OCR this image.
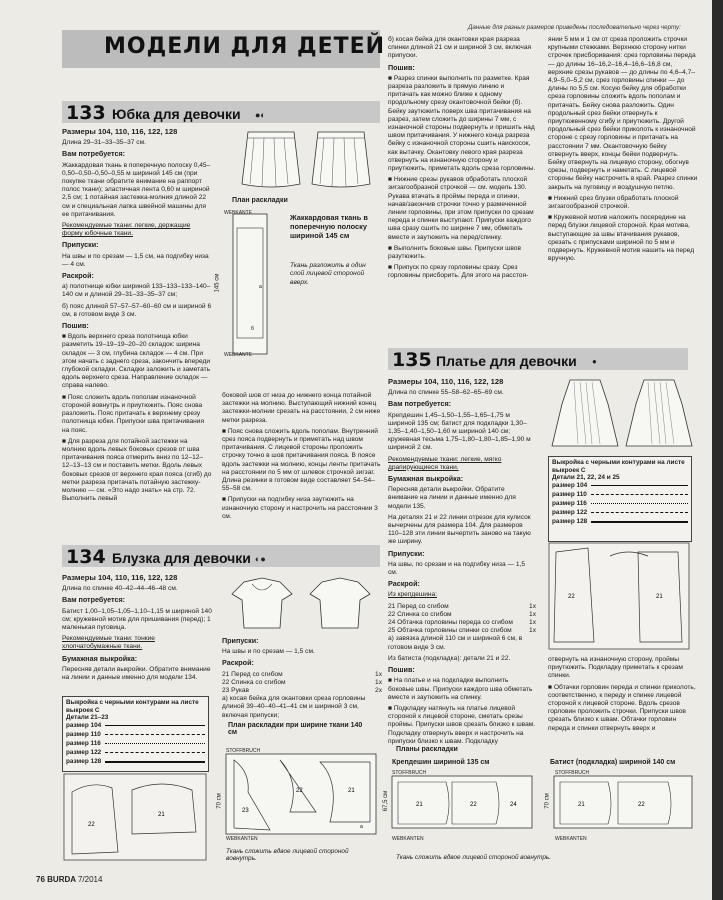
Данные для разных размеров приведены последовательно через черту:
МОДЕЛИ ДЛЯ ДЕТЕЙ
133 Юбка для девочки ●◐

Размеры 104, 110, 116, 122, 128

Длина 29–31–33–35–37 см.

Вам потребуется:

Жаккардовая ткань в поперечную полоску 0,45–0,50–0,50–0,50–0,55 м шириной 145 см (при покупке ткани обратите внимание на раппорт полос ткани); эластичная лента 0,60 м шириной 2,5 см; 1 потайная застежка-молния длиной 22 см и специальная лапка швейной машины для ее притачивания.

Рекомендуемые ткани: легкие, держащие форму юбочные ткани.

Припуски:

На швы и по срезам — 1,5 см, на подгибку низа — 4 см.

Раскрой:

а) полотнище юбки шириной 133–133–133–140–140 см и длиной 29–31–33–35–37 см;

б) пояс длиной 57–57–57–60–60 см и шириной 6 см, в готовом виде 3 см.

Пошив:

■ Вдоль верхнего среза полотнища юбки разметить 19–19–19–20–20 складок: ширина складок — 3 см, глубина складок — 4 см. При этом начать с заднего среза, закончить впереди глубокой складки. Складки заложить и заметать вдоль верхнего среза. Направление складок — справа налево.

■ Пояс сложить вдоль пополам изнаночной стороной вовнутрь и приутюжить. Пояс снова разложить. Пояс притачать к верхнему срезу полотнища юбки. Припуски шва притачивания на пояс.

■ Для разреза для потайной застежки на молнию вдоль левых боковых срезов от шва притачивания пояса отмерить вниз по 12–12–12–13–13 см и поставить метки. Вдоль левых боковых срезов от верхнего края пояса (сгиб) до метки разреза притачать потайную застежку-молнию — см. «Это надо знать» на стр. 72. Выполнить левый

План раскладки
a
б
WEBKANTE
WEBKANTE
145 см
Жаккардовая ткань в поперечную полоску шириной 145 см
Ткань разложить в один слой лицевой стороной вверх.

боковой шов от низа до нижнего конца потайной застежки на молнию. Выступающий нижний конец застежки-молнии срезать на расстоянии, 2 см ниже метки разреза.

■ Пояс снова сложить вдоль пополам. Внутренний срез пояса подвернуть и приметать над швом притачивания. С лицевой стороны проложить строчку точно в шов притачивания пояса. В поясе вдоль застежки на молнию, концы ленты притачать на расстоянии по 5 мм от шлевок строчкой зигзаг. Длина резинки в готовом виде составляет 54–54–55–58 см.

■ Припуски на подгибку низа заутюжить на изнаночную сторону и настрочить на расстоянии 3 см.

134 Блузка для девочки ◐●

Размеры 104, 110, 116, 122, 128

Длина по спинке 40–42–44–46–48 см.

Вам потребуется:

Батист 1,00–1,05–1,05–1,10–1,15 м шириной 140 см; кружевной мотив для пришивания (перед); 1 маленькая пуговица.

Рекомендуемые ткани: тонкие хлопчатобумажные ткани.

Бумажная выкройка:

Пересняв детали выкройки. Обратите внимание на линии и данные именно для модели 134.

Выкройка с черными контурами на листе выкроек С
Детали 21–23
размер 104
размер 110
размер 116
размер 122
размер 128
22
21

Припуски:

На швы и по срезам — 1,5 см.

Раскрой:

21 Перед со сгибом	1x
22 Спинка со сгибом	1x
23 Рукав	2x

а) косая бейка для окантовки среза горловины длиной 39–40–40–41–41 см и шириной 3 см, включая припуски;

План раскладки при ширине ткани 140 см
STOFFBRUCH
23
22	21
a
70 см
WEBKANTEN
Ткань сложить вдвое лицевой стороной вовнутрь.

б) косая бейка для окантовки края разреза спинки длиной 21 см и шириной 3 см, включая припуски.

Пошив:

■ Разрез спинки выполнить по разметке. Края разреза разложить в прямую линию и притачать как можно ближе к одному продольному срезу окантовочной бейки (б). Бейку заутюжить поверх шва притачивания на разрез, затем сложить до ширины 7 мм, с изнаночной стороны подвернуть и пришить над швом притачивания. У нижнего конца разреза бейку с изнаночной стороны сшить наискосок, как вытачку. Окантовку левого края разреза отвернуть на изнаночную сторону и приутюжить, приметать вдоль среза горловины.

■ Нижние срезы рукавов обработать плоской зигзагообразной строчкой — см. модель 130. Рукава втачать в проймы переда и спинки, начав/закончив строчки точно у размеченной линии горловины, при этом припуски по срезам переда и спинки выступают. Припуски каждого шва сразу сшить по ширине 7 мм, обметать вместе и заутюжить на перед/спинку.

■ Выполнить боковые швы. Припуски швов разутюжить.

■ Припуск по срезу горловины сразу. Срез горловины присборить. Для этого на расстоя-

янии 5 мм и 1 см от среза проложить строчки крупными стежками. Верхнюю сторону нитки строчек присборивания: срез горловины переда — до длины 16–16,2–16,4–16,6–16,8 см, верхние срезы рукавов — до длины по 4,6–4,7–4,9–5,0–5,2 см, срез горловины спинки — до длины по 5,5 см. Косую бейку для обработки среза горловины сложить вдоль пополам и притачать. Бейку снова разложить. Один продольный срез бейки отвернуть к приутюженному сгибу и приутюжить. Другой продольный срез бейки приколоть к изнаночной стороне с срезу горловины и притачать на расстоянии 7 мм. Окантовочную бейку отвернуть вверх, концы бейки подвернуть. Бейку отвернуть на лицевую сторону, обогнув срезы, подвернуть и наметать. С лицевой стороны бейку настрочить в край. Разрез спинки закрыть на пуговицу и воздушную петлю.

■ Нижний срез блузки обработать плоской зигзагообразной строчкой.

■ Кружевной мотив наложить посередине на перед блузки лицевой стороной. Края мотива, выступающие за швы втачивания рукавов, срезать с припусками шириной по 5 мм и подвернуть. Кружевной мотив нашить на перед вручную.

135 Платье для девочки ●

Размеры 104, 110, 116, 122, 128

Длина по спинке 55–58–62–65–69 см.

Вам потребуется:

Крепдешин 1,45–1,50–1,55–1,65–1,75 м шириной 135 см; батист для подкладки 1,30–1,35–1,40–1,50–1,60 м шириной 140 см; кружевная тесьма 1,75–1,80–1,80–1,85–1,90 м шириной 2 см.

Рекомендуемые ткани: легкие, мягко драпирующиеся ткани.

Бумажная выкройка:

Пересняв детали выкройки. Обратите внимание на линии и данные именно для модели 135.

На деталях 21 и 22 линии отрезок для кулисок вычерчены для размера 104. Для размеров 110–128 эти линии вычертить заново на такую же ширину.

Припуски:

На швы, по срезам и на подгибку низа — 1,5 см.

Раскрой:

Из крепдешина:

21 Перед со сгибом	1x
22 Спинка со сгибом	1x
24 Обтачка горловины переда со сгибом 1x
25 Обтачка горловины спинки со сгибом	1x

а) завязка длиной 110 см и шириной 6 см, в готовом виде 3 см.

Из батиста (подкладка): детали 21 и 22.

Пошив:

■ На платье и на подкладке выполнить боковые швы. Припуски каждого шва обметать вместе и заутюжить на спинку.

■ Подкладку натянуть на платье лицевой стороной к лицевой стороне, сметать срезы проймы. Припуски швов срезать близко к швам. Подкладку отвернуть вверх и настрочить на припуски близко к швам. Подкладку

Выкройка с черными контурами на листе выкроек С
Детали 21, 22, 24 и 25
размер 104
размер 110
размер 116
размер 122
размер 128
22	21

отвернуть на изнаночную сторону, проймы приутюжить. Подкладку приметать к срезам спинки.

■ Обтачки горловин переда и спинки приколоть, соответственно, к переду и спинке лицевой стороной к лицевой стороне. Вдоль срезов горловин проложить строчки. Припуски швов срезать близко к швам. Обтачки горловин переда и спинки отвернуть вверх и

Планы раскладки
Крепдешин шириной 135 см	Батист (подкладка) шириной 140 см
STOFFBRUCH	STOFFBRUCH
21	22	24
67,5 см	21	22
70 см
WEBKANTEN	WEBKANTEN
Ткань сложить вдвое лицевой стороной вовнутрь.
76 BURDA 7/2014
